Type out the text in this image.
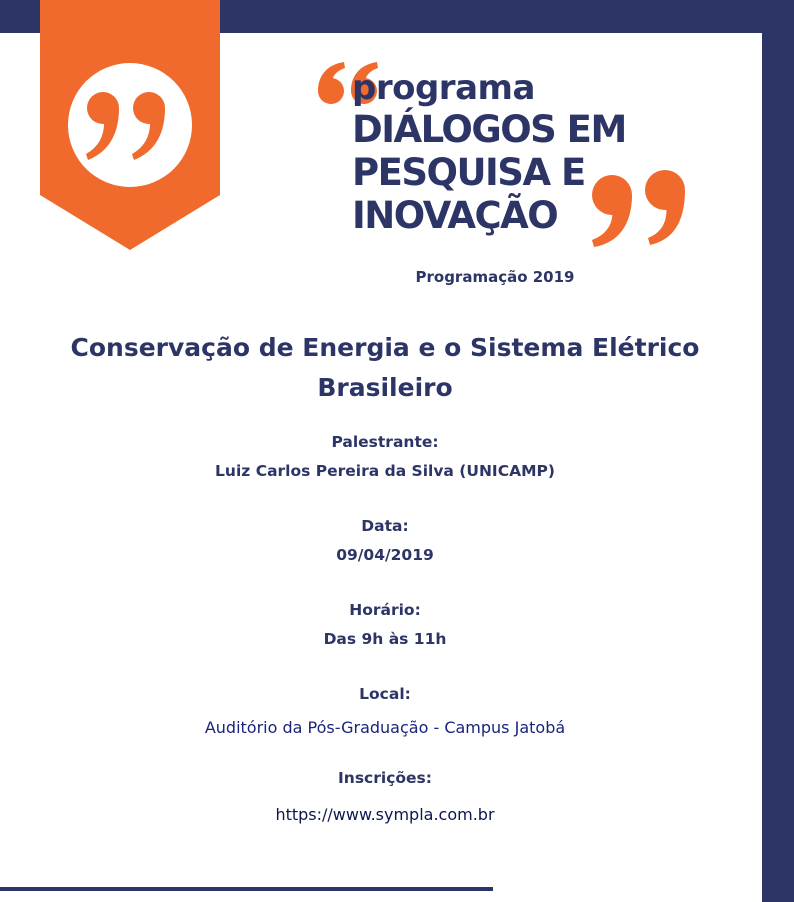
programa
DIÁLOGOS EM
PESQUISA E
INOVAÇÃO
Programação 2019
Conservação de Energia e o Sistema Elétrico
Brasileiro
Palestrante:
Luiz Carlos Pereira da Silva (UNICAMP)
Data:
09/04/2019
Horário:
Das 9h às 11h
Local:
Auditório da Pós-Graduação - Campus Jatobá
Inscrições:
https://www.sympla.com.br
